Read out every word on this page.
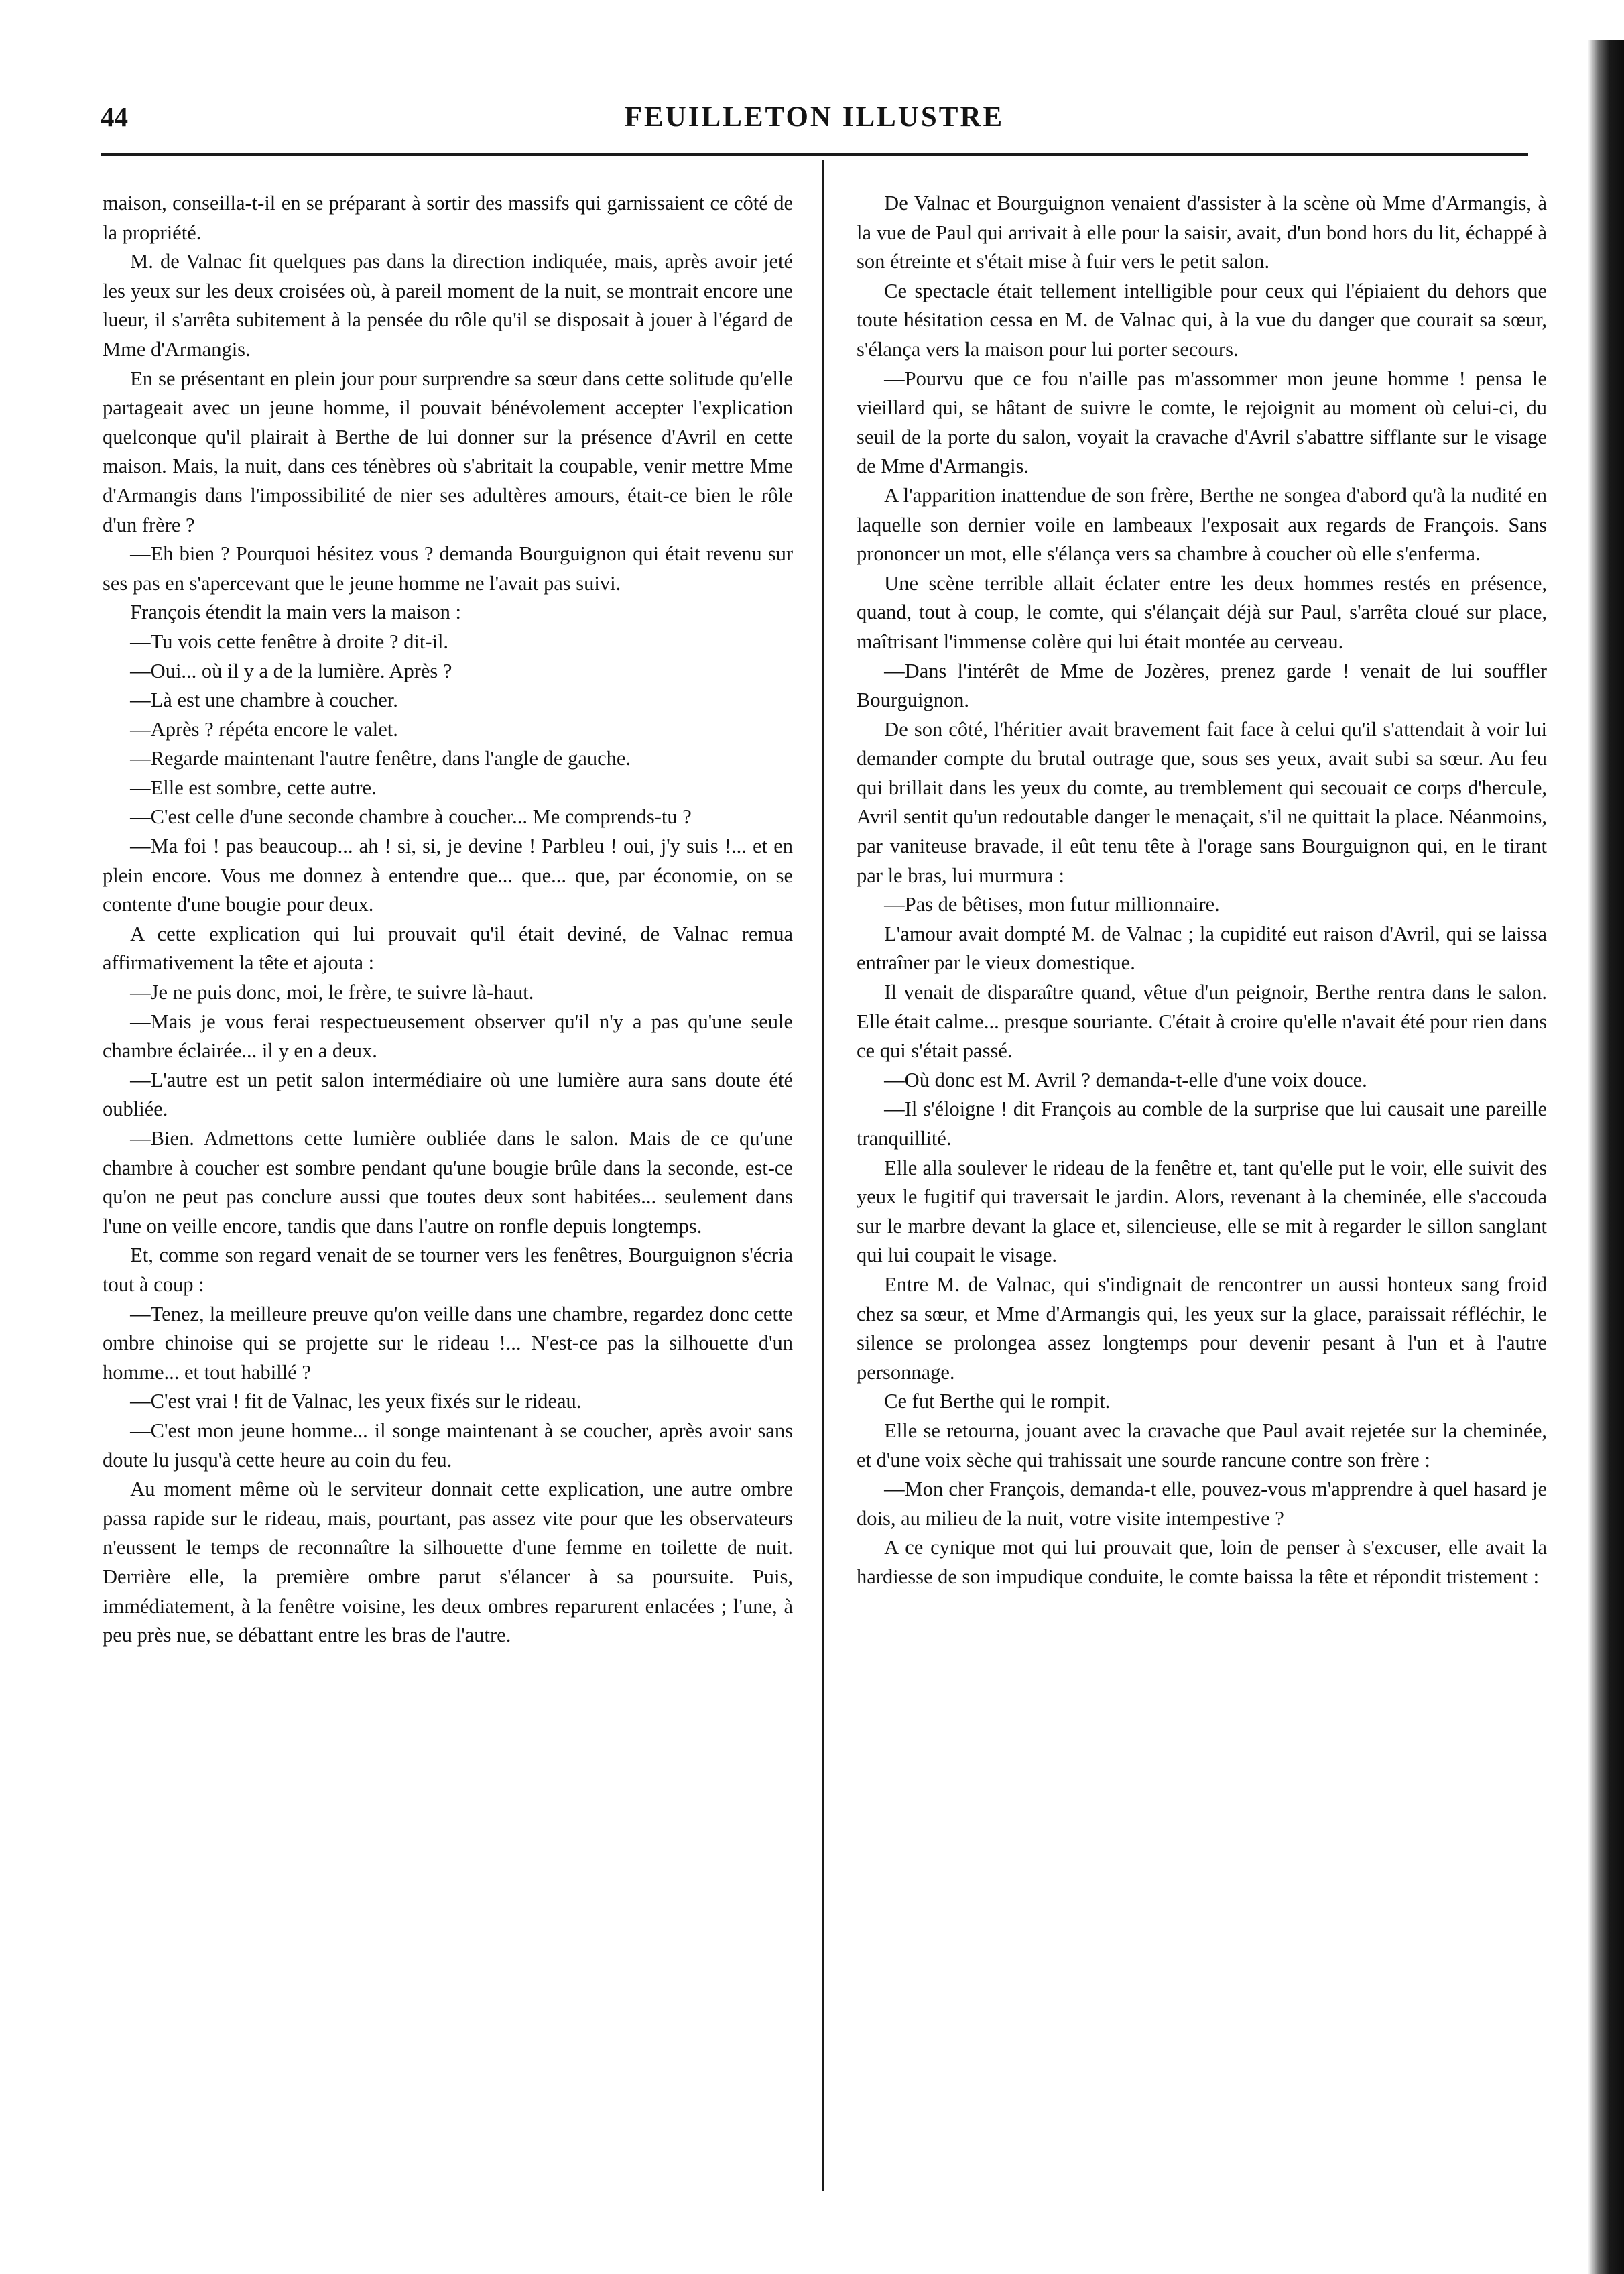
44	FEUILLETON ILLUSTRE

maison, conseilla-t-il en se préparant à sortir des massifs qui garnissaient ce côté de la propriété.

M. de Valnac fit quelques pas dans la direction indiquée, mais, après avoir jeté les yeux sur les deux croisées où, à pareil moment de la nuit, se montrait encore une lueur, il s'arrêta subitement à la pensée du rôle qu'il se disposait à jouer à l'égard de Mme d'Armangis.

En se présentant en plein jour pour surprendre sa sœur dans cette solitude qu'elle partageait avec un jeune homme, il pouvait bénévolement accepter l'explication quelconque qu'il plairait à Berthe de lui donner sur la présence d'Avril en cette maison. Mais, la nuit, dans ces ténèbres où s'abritait la coupable, venir mettre Mme d'Armangis dans l'impossibilité de nier ses adultères amours, était-ce bien le rôle d'un frère ?

—Eh bien ? Pourquoi hésitez vous ? demanda Bourguignon qui était revenu sur ses pas en s'apercevant que le jeune homme ne l'avait pas suivi.

François étendit la main vers la maison :

—Tu vois cette fenêtre à droite ? dit-il.

—Oui... où il y a de la lumière. Après ?

—Là est une chambre à coucher.

—Après ? répéta encore le valet.

—Regarde maintenant l'autre fenêtre, dans l'angle de gauche.

—Elle est sombre, cette autre.

—C'est celle d'une seconde chambre à coucher... Me comprends-tu ?

—Ma foi ! pas beaucoup... ah ! si, si, je devine ! Parbleu ! oui, j'y suis !... et en plein encore. Vous me donnez à entendre que... que... que, par économie, on se contente d'une bougie pour deux.

A cette explication qui lui prouvait qu'il était deviné, de Valnac remua affirmativement la tête et ajouta :

—Je ne puis donc, moi, le frère, te suivre là-haut.

—Mais je vous ferai respectueusement observer qu'il n'y a pas qu'une seule chambre éclairée... il y en a deux.

—L'autre est un petit salon intermédiaire où une lumière aura sans doute été oubliée.

—Bien. Admettons cette lumière oubliée dans le salon. Mais de ce qu'une chambre à coucher est sombre pendant qu'une bougie brûle dans la seconde, est-ce qu'on ne peut pas conclure aussi que toutes deux sont habitées... seulement dans l'une on veille encore, tandis que dans l'autre on ronfle depuis longtemps.

Et, comme son regard venait de se tourner vers les fenêtres, Bourguignon s'écria tout à coup :

—Tenez, la meilleure preuve qu'on veille dans une chambre, regardez donc cette ombre chinoise qui se projette sur le rideau !... N'est-ce pas la silhouette d'un homme... et tout habillé ?

—C'est vrai ! fit de Valnac, les yeux fixés sur le rideau.

—C'est mon jeune homme... il songe maintenant à se coucher, après avoir sans doute lu jusqu'à cette heure au coin du feu.

Au moment même où le serviteur donnait cette explication, une autre ombre passa rapide sur le rideau, mais, pourtant, pas assez vite pour que les observateurs n'eussent le temps de reconnaître la silhouette d'une femme en toilette de nuit. Derrière elle, la première ombre parut s'élancer à sa poursuite. Puis, immédiatement, à la fenêtre voisine, les deux ombres reparurent enlacées ; l'une, à peu près nue, se débattant entre les bras de l'autre.

De Valnac et Bourguignon venaient d'assister à la scène où Mme d'Armangis, à la vue de Paul qui arrivait à elle pour la saisir, avait, d'un bond hors du lit, échappé à son étreinte et s'était mise à fuir vers le petit salon.

Ce spectacle était tellement intelligible pour ceux qui l'épiaient du dehors que toute hésitation cessa en M. de Valnac qui, à la vue du danger que courait sa sœur, s'élança vers la maison pour lui porter secours.

—Pourvu que ce fou n'aille pas m'assommer mon jeune homme ! pensa le vieillard qui, se hâtant de suivre le comte, le rejoignit au moment où celui-ci, du seuil de la porte du salon, voyait la cravache d'Avril s'abattre sifflante sur le visage de Mme d'Armangis.

A l'apparition inattendue de son frère, Berthe ne songea d'abord qu'à la nudité en laquelle son dernier voile en lambeaux l'exposait aux regards de François. Sans prononcer un mot, elle s'élança vers sa chambre à coucher où elle s'enferma.

Une scène terrible allait éclater entre les deux hommes restés en présence, quand, tout à coup, le comte, qui s'élançait déjà sur Paul, s'arrêta cloué sur place, maîtrisant l'immense colère qui lui était montée au cerveau.

—Dans l'intérêt de Mme de Jozères, prenez garde ! venait de lui souffler Bourguignon.

De son côté, l'héritier avait bravement fait face à celui qu'il s'attendait à voir lui demander compte du brutal outrage que, sous ses yeux, avait subi sa sœur. Au feu qui brillait dans les yeux du comte, au tremblement qui secouait ce corps d'hercule, Avril sentit qu'un redoutable danger le menaçait, s'il ne quittait la place. Néanmoins, par vaniteuse bravade, il eût tenu tête à l'orage sans Bourguignon qui, en le tirant par le bras, lui murmura :

—Pas de bêtises, mon futur millionnaire.

L'amour avait dompté M. de Valnac ; la cupidité eut raison d'Avril, qui se laissa entraîner par le vieux domestique.

Il venait de disparaître quand, vêtue d'un peignoir, Berthe rentra dans le salon. Elle était calme... presque souriante. C'était à croire qu'elle n'avait été pour rien dans ce qui s'était passé.

—Où donc est M. Avril ? demanda-t-elle d'une voix douce.

—Il s'éloigne ! dit François au comble de la surprise que lui causait une pareille tranquillité.

Elle alla soulever le rideau de la fenêtre et, tant qu'elle put le voir, elle suivit des yeux le fugitif qui traversait le jardin. Alors, revenant à la cheminée, elle s'accouda sur le marbre devant la glace et, silencieuse, elle se mit à regarder le sillon sanglant qui lui coupait le visage.

Entre M. de Valnac, qui s'indignait de rencontrer un aussi honteux sang froid chez sa sœur, et Mme d'Armangis qui, les yeux sur la glace, paraissait réfléchir, le silence se prolongea assez longtemps pour devenir pesant à l'un et à l'autre personnage.

Ce fut Berthe qui le rompit.

Elle se retourna, jouant avec la cravache que Paul avait rejetée sur la cheminée, et d'une voix sèche qui trahissait une sourde rancune contre son frère :

—Mon cher François, demanda-t elle, pouvez-vous m'apprendre à quel hasard je dois, au milieu de la nuit, votre visite intempestive ?

A ce cynique mot qui lui prouvait que, loin de penser à s'excuser, elle avait la hardiesse de son impudique conduite, le comte baissa la tête et répondit tristement :
